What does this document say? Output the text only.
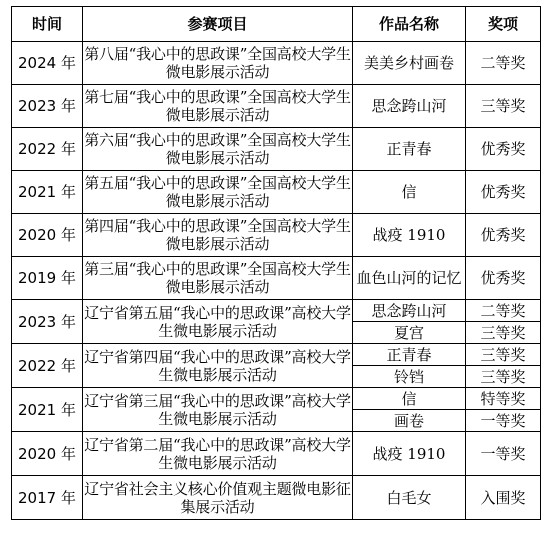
时间	参赛项目	作品名称	奖项
2024 年	第八届“我心中的思政课”全国高校大学生微电影展示活动	美美乡村画卷	二等奖
2023 年	第七届“我心中的思政课”全国高校大学生微电影展示活动	思念跨山河	三等奖
2022 年	第六届“我心中的思政课”全国高校大学生微电影展示活动	正青春	优秀奖
2021 年	第五届“我心中的思政课”全国高校大学生微电影展示活动	信	优秀奖
2020 年	第四届“我心中的思政课”全国高校大学生微电影展示活动	战疫 1910	优秀奖
2019 年	第三届“我心中的思政课”全国高校大学生微电影展示活动	血色山河的记忆	优秀奖
2023 年	辽宁省第五届“我心中的思政课”高校大学生微电影展示活动	思念跨山河	二等奖
		夏宫	三等奖
2022 年	辽宁省第四届“我心中的思政课”高校大学生微电影展示活动	正青春	三等奖
		铃铛	三等奖
2021 年	辽宁省第三届“我心中的思政课”高校大学生微电影展示活动	信	特等奖
		画卷	一等奖
2020 年	辽宁省第二届“我心中的思政课”高校大学生微电影展示活动	战疫 1910	一等奖
2017 年	辽宁省社会主义核心价值观主题微电影征集展示活动	白毛女	入围奖
